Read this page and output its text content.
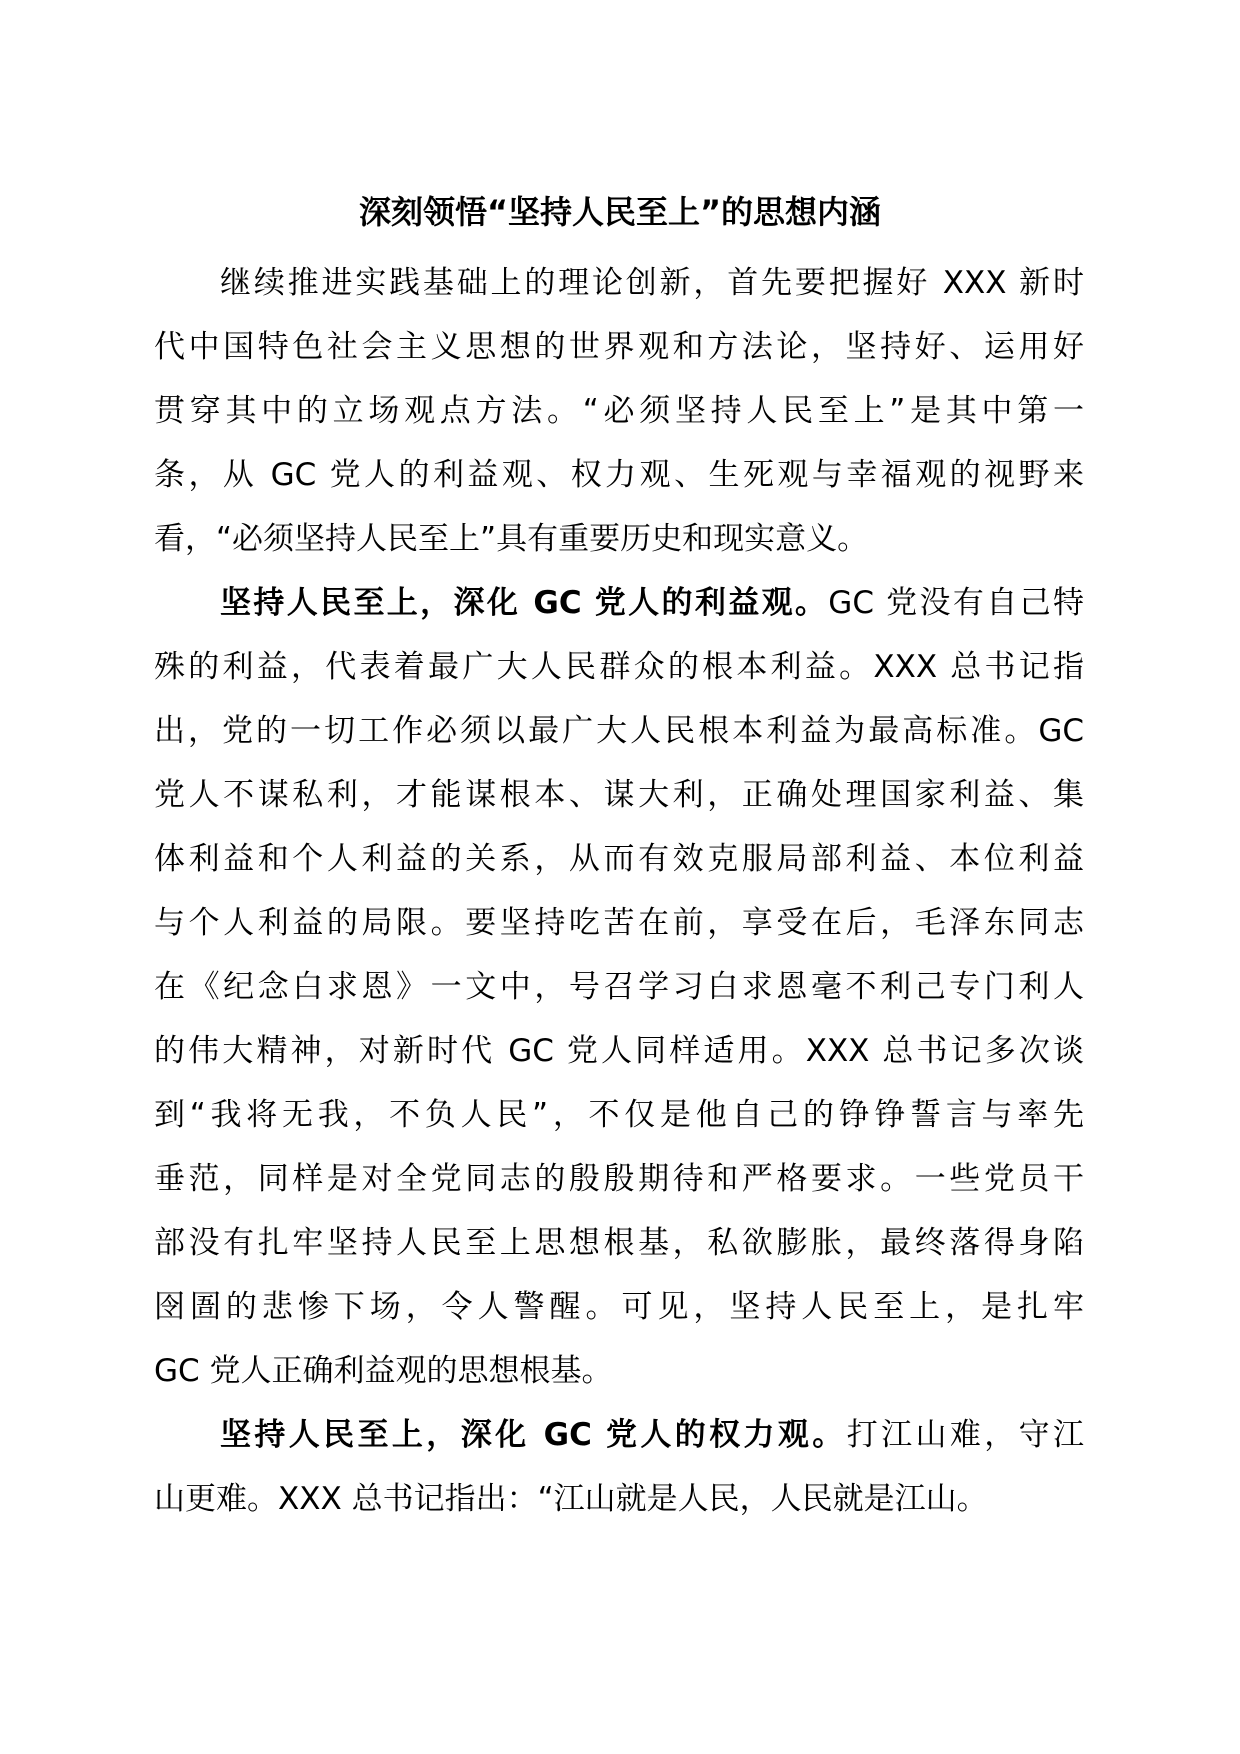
深刻领悟“坚持人民至上”的思想内涵
继续推进实践基础上的理论创新，首先要把握好 XXX 新时
代中国特色社会主义思想的世界观和方法论，坚持好、运用好
贯穿其中的立场观点方法。“必须坚持人民至上”是其中第一
条，从 GC 党人的利益观、权力观、生死观与幸福观的视野来
看，“必须坚持人民至上”具有重要历史和现实意义。
坚持人民至上，深化 GC 党人的利益观。GC 党没有自己特
殊的利益，代表着最广大人民群众的根本利益。XXX 总书记指
出，党的一切工作必须以最广大人民根本利益为最高标准。GC
党人不谋私利，才能谋根本、谋大利，正确处理国家利益、集
体利益和个人利益的关系，从而有效克服局部利益、本位利益
与个人利益的局限。要坚持吃苦在前，享受在后，毛泽东同志
在《纪念白求恩》一文中，号召学习白求恩毫不利己专门利人
的伟大精神，对新时代 GC 党人同样适用。XXX 总书记多次谈
到“我将无我，不负人民”，不仅是他自己的铮铮誓言与率先
垂范，同样是对全党同志的殷殷期待和严格要求。一些党员干
部没有扎牢坚持人民至上思想根基，私欲膨胀，最终落得身陷
囹圄的悲惨下场，令人警醒。可见，坚持人民至上，是扎牢
GC 党人正确利益观的思想根基。
坚持人民至上，深化 GC 党人的权力观。打江山难，守江
山更难。XXX 总书记指出：“江山就是人民，人民就是江山。
